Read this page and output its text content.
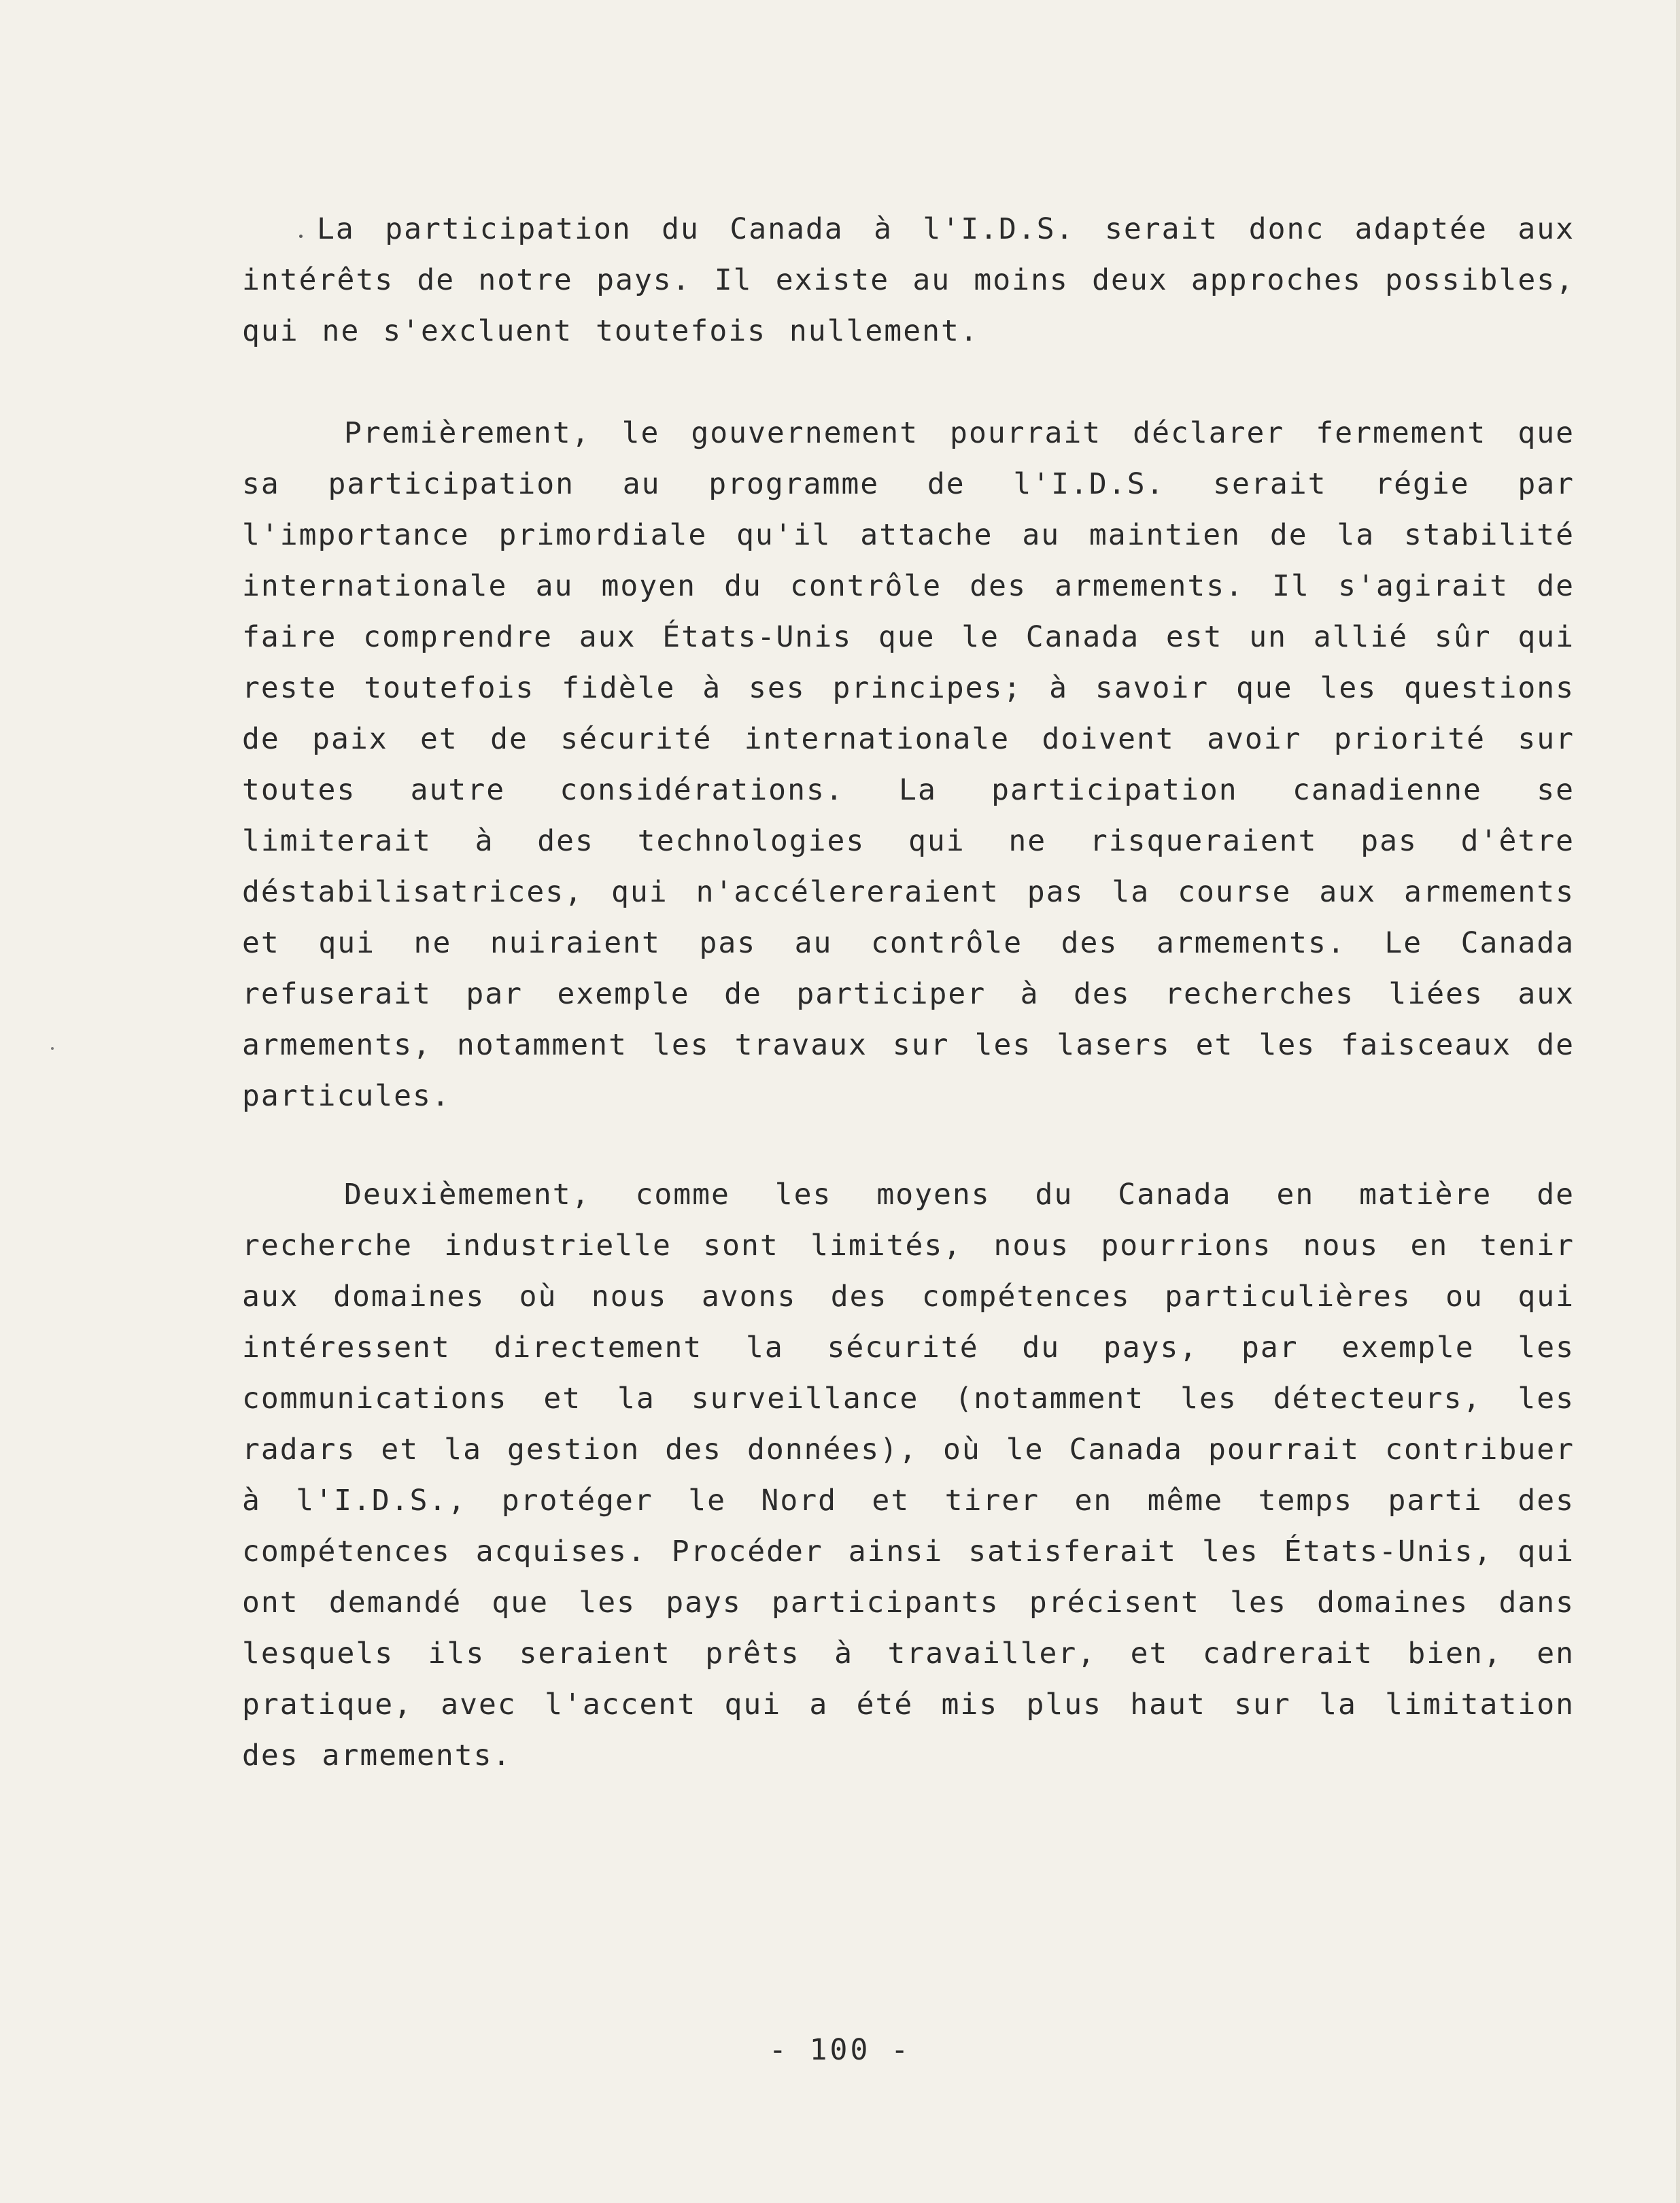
La participation du Canada à l'I.D.S. serait donc adaptée aux intérêts de notre pays. Il existe au moins deux approches possibles, qui ne s'excluent toutefois nullement.

Premièrement, le gouvernement pourrait déclarer fermement que sa participation au programme de l'I.D.S. serait régie par l'importance primordiale qu'il attache au maintien de la stabilité internationale au moyen du contrôle des armements. Il s'agirait de faire comprendre aux États-Unis que le Canada est un allié sûr qui reste toutefois fidèle à ses principes; à savoir que les questions de paix et de sécurité internationale doivent avoir priorité sur toutes autre considérations. La participation canadienne se limiterait à des technologies qui ne risqueraient pas d'être déstabilisatrices, qui n'accélereraient pas la course aux armements et qui ne nuiraient pas au contrôle des armements. Le Canada refuserait par exemple de participer à des recherches liées aux armements, notamment les travaux sur les lasers et les faisceaux de particules.

Deuxièmement, comme les moyens du Canada en matière de recherche industrielle sont limités, nous pourrions nous en tenir aux domaines où nous avons des compétences particulières ou qui intéressent directement la sécurité du pays, par exemple les communications et la surveillance (notamment les détecteurs, les radars et la gestion des données), où le Canada pourrait contribuer à l'I.D.S., protéger le Nord et tirer en même temps parti des compétences acquises. Procéder ainsi satisferait les États-Unis, qui ont demandé que les pays participants précisent les domaines dans lesquels ils seraient prêts à travailler, et cadrerait bien, en pratique, avec l'accent qui a été mis plus haut sur la limitation des armements.

- 100 -
